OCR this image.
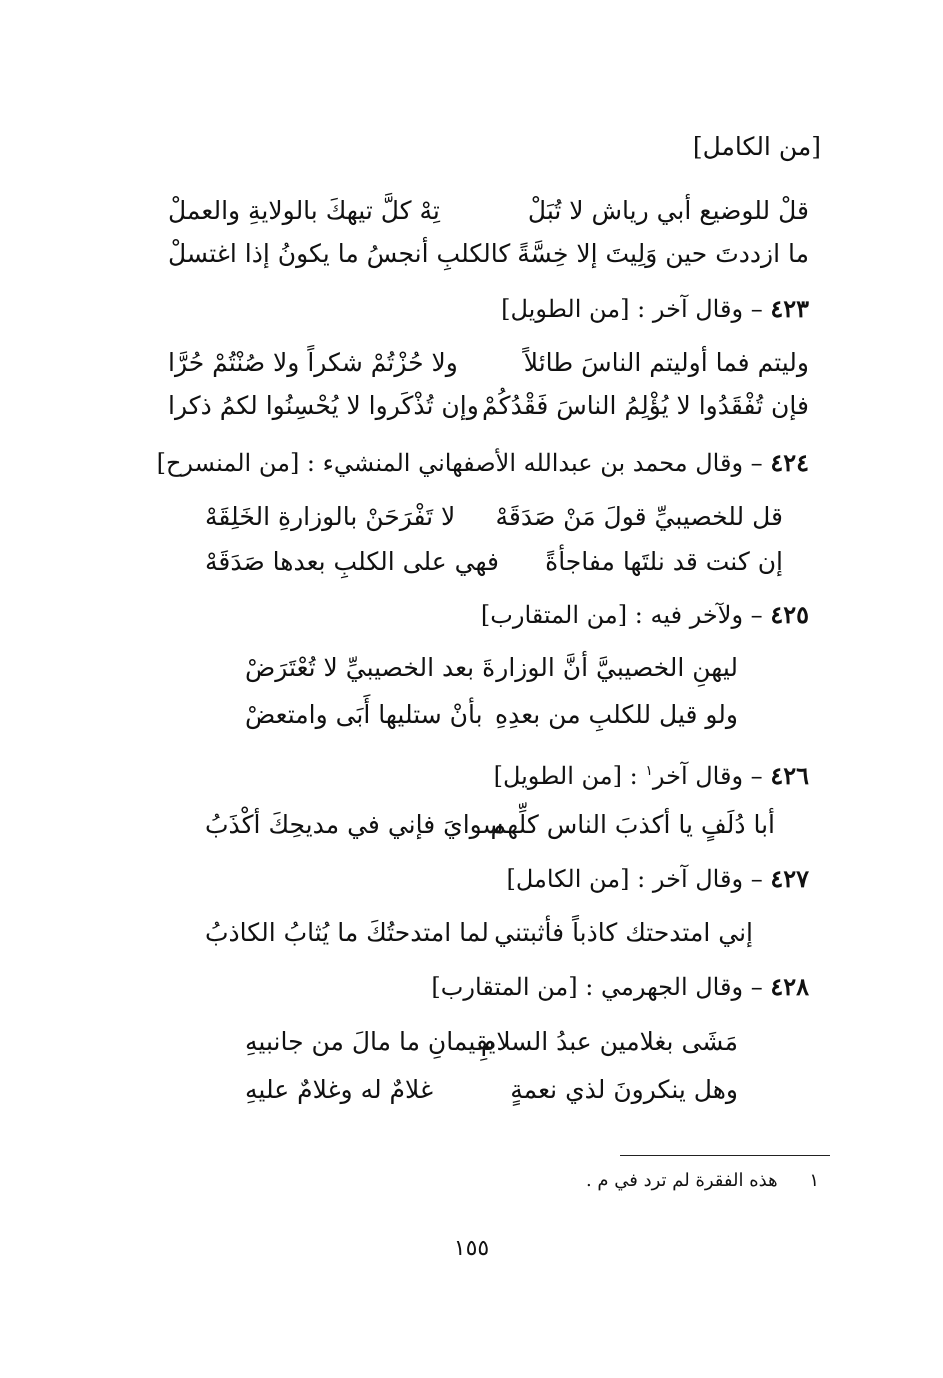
[من الكامل]
قلْ للوضيع أبي رياش لا تُبَلْ
تِهْ كلَّ تيهكَ بالولايةِ والعملْ
ما ازددتَ حين وَلِيتَ إلا خِسَّةً
كالكلبِ أنجسُ ما يكونُ إذا اغتسلْ
٤٢٣ – وقال آخر : [من الطويل]
وليتم فما أوليتم الناسَ طائلاً
ولا حُزْتُمْ شكراً ولا صُنْتُمْ حُرَّا
فإن تُفْقَدُوا لا يُؤْلِمُ الناسَ فَقْدُكُمْ
وإن تُذْكَروا لا يُحْسِنُوا لكمُ ذكرا
٤٢٤ – وقال محمد بن عبدالله الأصفهاني المنشيء : [من المنسرح]
قل للخصيبيِّ قولَ مَنْ صَدَقَهْ
لا تَفْرَحَنْ بالوزارةِ الخَلِقَهْ
إن كنت قد نلتَها مفاجأةً
فهي على الكلبِ بعدها صَدَقَهْ
٤٢٥ – ولآخر فيه : [من المتقارب]
ليهنِ الخصيبيَّ أنَّ الوزار
ةَ بعد الخصيبيِّ لا تُعْتَرَضْ
ولو قيل للكلبِ من بعدِهِ
بأنْ ستليها أَبَى وامتعضْ
٤٢٦ – وقال آخر$^١$ : [من الطويل]
أبا دُلَفٍ يا أكذبَ الناس كلِّهم
سوايَ فإني في مديحِكَ أكْذَبُ
٤٢٧ – وقال آخر : [من الكامل]
إني امتدحتك كاذباً فأثبتني
لما امتدحتُكَ ما يُثابُ الكاذبُ
٤٢٨ – وقال الجهرمي : [من المتقارب]
مَشَى بغلامين عبدُ السلامِ
يقيمانِ ما مالَ من جانبيهِ
وهل ينكرونَ لذي نعمةٍ
غلامٌ له وغلامٌ عليهِ
١ هذه الفقرة لم ترد في م .
١٥٥
